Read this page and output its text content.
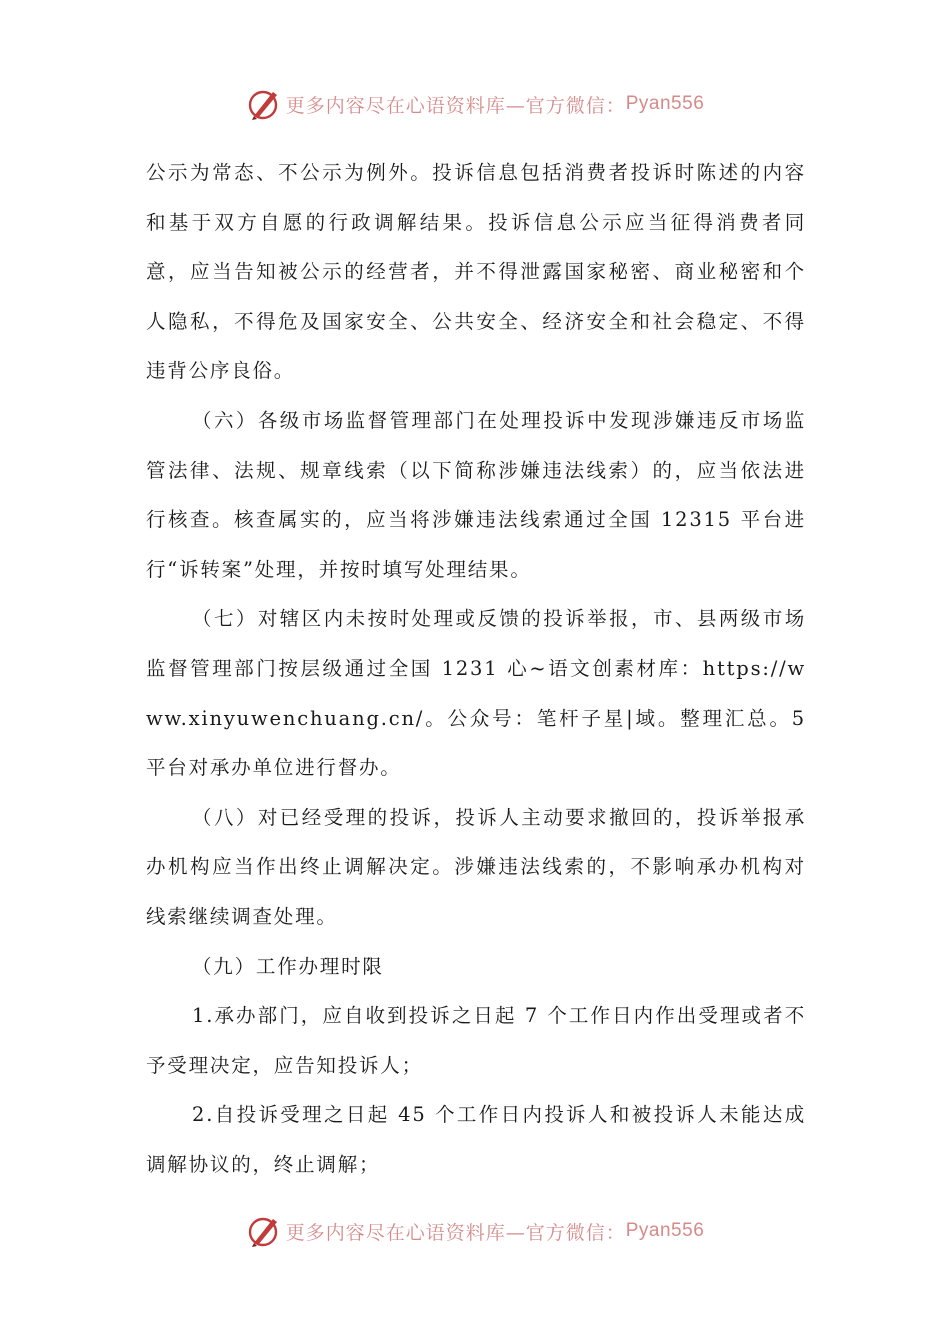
更多内容尽在心语资料库—官方微信： Pyan556

公示为常态、不公示为例外。投诉信息包括消费者投诉时陈述的内容和基于双方自愿的行政调解结果。投诉信息公示应当征得消费者同意，应当告知被公示的经营者，并不得泄露国家秘密、商业秘密和个人隐私，不得危及国家安全、公共安全、经济安全和社会稳定、不得违背公序良俗。

（六）各级市场监督管理部门在处理投诉中发现涉嫌违反市场监管法律、法规、规章线索（以下简称涉嫌违法线索）的，应当依法进行核查。核查属实的，应当将涉嫌违法线索通过全国 12315 平台进行“诉转案”处理，并按时填写处理结果。

（七）对辖区内未按时处理或反馈的投诉举报，市、县两级市场监督管理部门按层级通过全国 1231 心~语文创素材库：https://www.xinyuwenchuang.cn/。公众号：笔杆子星|域。整理汇总。5 平台对承办单位进行督办。

（八）对已经受理的投诉，投诉人主动要求撤回的，投诉举报承办机构应当作出终止调解决定。涉嫌违法线索的，不影响承办机构对线索继续调查处理。

（九）工作办理时限

1.承办部门，应自收到投诉之日起 7 个工作日内作出受理或者不予受理决定，应告知投诉人；

2.自投诉受理之日起 45 个工作日内投诉人和被投诉人未能达成调解协议的，终止调解；

更多内容尽在心语资料库—官方微信： Pyan556
